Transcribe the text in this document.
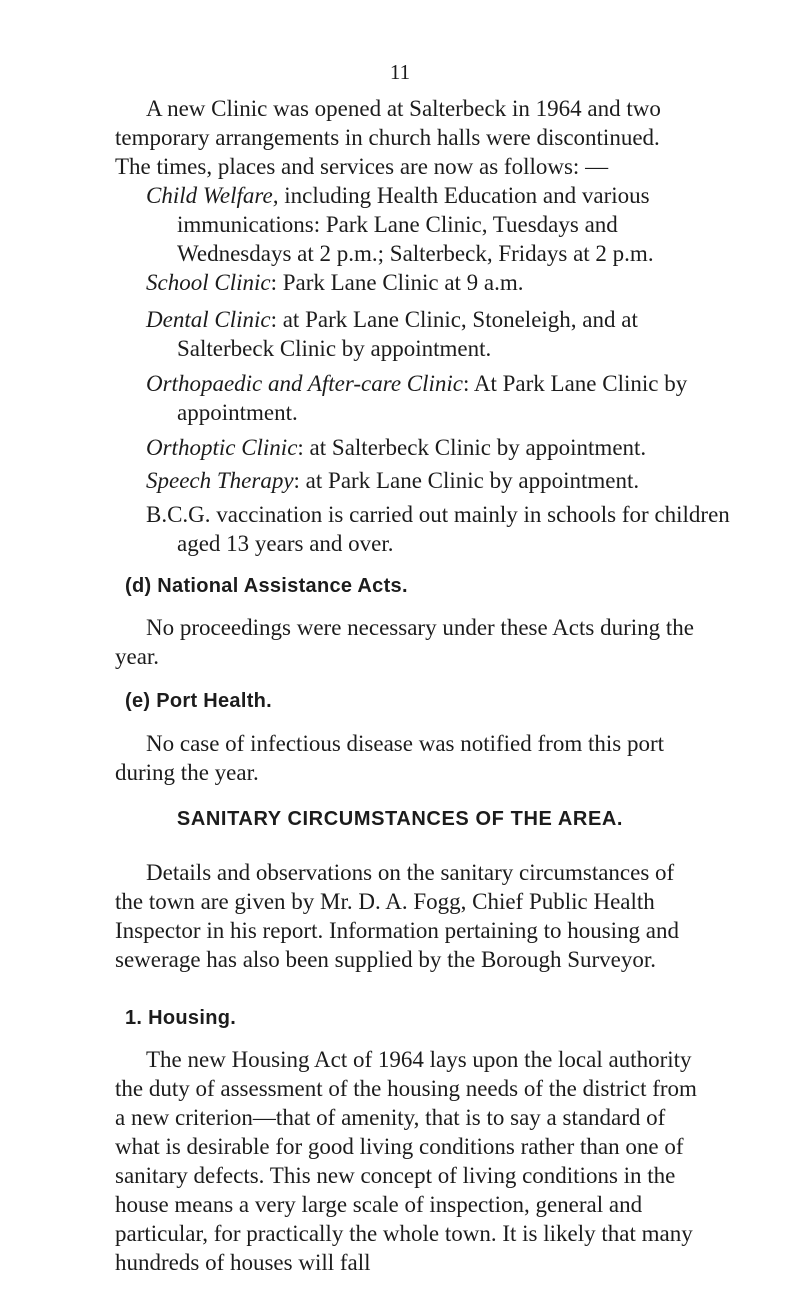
11

A new Clinic was opened at Salterbeck in 1964 and two temporary arrangements in church halls were discontinued. The times, places and services are now as follows: —

Child Welfare, including Health Education and various immunications: Park Lane Clinic, Tuesdays and Wednesdays at 2 p.m.; Salterbeck, Fridays at 2 p.m.

School Clinic: Park Lane Clinic at 9 a.m.

Dental Clinic: at Park Lane Clinic, Stoneleigh, and at Salterbeck Clinic by appointment.

Orthopaedic and After-care Clinic: At Park Lane Clinic by appointment.

Orthoptic Clinic: at Salterbeck Clinic by appointment.

Speech Therapy: at Park Lane Clinic by appointment.

B.C.G. vaccination is carried out mainly in schools for children aged 13 years and over.

(d) National Assistance Acts.

No proceedings were necessary under these Acts during the year.

(e) Port Health.

No case of infectious disease was notified from this port during the year.

SANITARY CIRCUMSTANCES OF THE AREA.

Details and observations on the sanitary circumstances of the town are given by Mr. D. A. Fogg, Chief Public Health Inspector in his report. Information pertaining to housing and sewerage has also been supplied by the Borough Surveyor.

1. Housing.

The new Housing Act of 1964 lays upon the local authority the duty of assessment of the housing needs of the district from a new criterion—that of amenity, that is to say a standard of what is desirable for good living conditions rather than one of sanitary defects. This new concept of living conditions in the house means a very large scale of inspection, general and particular, for practically the whole town. It is likely that many hundreds of houses will fall
